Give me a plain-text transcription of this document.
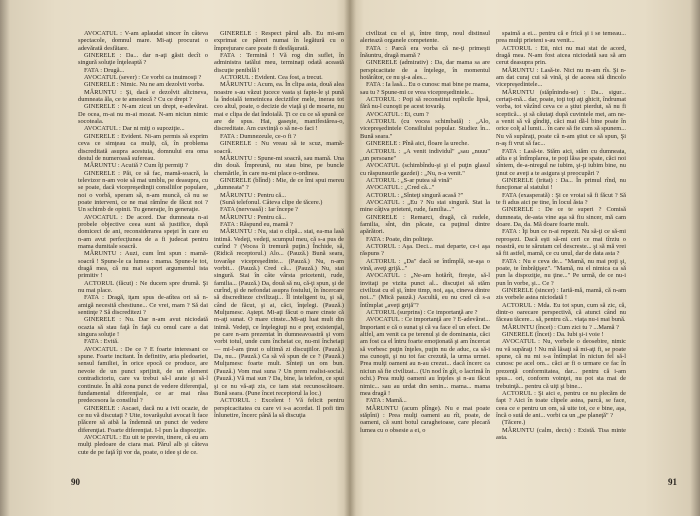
AVOCATUL : V-am aplaudat sincer în câteva spectacole, domnul mare. Mi-aţi procurat o adevărată desfătare.

GINERELE : Da... dar n-aţi găsit decît o singură soluţie înţeleaptă ?

FATA : Drugă...

AVOCATUL (sever) : Ce vorbi ca inuimosţi ?

GINERELE : Nimic. Nu ne am dezolvit vorba.

MĂRUNTU : Şi, dacă e dezolvit altcineva, dumneata ăla, ce te amestecă ? Cu ce drept ?

GINERELE : N-am zicut un drept, e-adevărat. De ocea, m-ai nu m-ai mozat. N-am niciun nimic socoteala.

AVOCATUL : Dar ni miţi o supoziţie...

GINERELE : Evident. Ni-am permis să exprim ceva ce simţeau ca mulţi, că, în problema discreditată asupra acestuia, domnului era oma destul de numeroasă sufereau.

MĂRUNTU : Acuiiă ? Cum îţi permiţi ?

GINERELE : Păi, ce să fac, mamă-soacră, la televizor n-am voie să mai umblu, pe deasupra, cu se poate, dacă vicepreşedinţii consiliilor populare, noi o vorbă, speram să, n-am muncă, că nu se poate interveni, ce ne mai rămîne de făcut noi ? Un schimb de opinii. Tu generaţie, în generaţie.

AVOCATUL : De acord. Dar dumneata n-ai probele objective ceea sunt să justifice, după domiceci de ani, reconsiderarea speţei în care eu n-am avut perfecţiunea de a fi judecat pentru mama dumitale soacră.

MĂRUNTU : Auzi, cum îmi spun : mamă-soacră ! Spune-le ca lumea : mama. Spune-le tot, dragă mea, că nu mai suport argumentul ista primitiv !

ACTORUL (făcut) : Ne ducem spre drumă. Şi nu mai place.

FATA : Dragă, iţam spus de-atîtea ori să n-amigă necesită chestiune... Ce vrei, mam ? Să dai sentinţe ? Să discreditezi ?

GINERELE : Nu. Dar n-am avut niciodată ocazia să stau faţă în faţă cu omul care a dat singura soluţie !

FATA : Evită.

AVOCATUL : De ce ? E foarte interesant ce spune. Foarte incitant. În definitiv, aria pledoariei, sensul familiei, în orice epocă ce produce, are nevoie de un punct sprijinit, de un element contradictoriu, care va trebui să-l arate şi să-l continuie. În altă zona punct de vedere diferenţial, fundamental diferenţiale, ce ar mai răsa predecesora la consiliul ?

GINERELE : Ascaei, dacă nu a ivit ocazie, de ce nu vă discutaţi ? Uite, tovarăşului avocat îi face plăcere să aibă la îndemnă un punct de vedere diferenţiat. Foarte diferenţiat. I-l pun la dispoziţie.

AVOCATUL : Eu uit te previn, tinere, că eu am mulţi pledoare de ciara mai. Părul alb şi câteva cute de pe faţă îţi vor da, poate, o idee şi de ce.

GINERELE : Respect părul alb. Eu mi-am exprimat ce păreri numai în legătură cu o împrejurare care poate fi desfăşurată.

FATA : Termină ! Vă rog din suflet, în administra tatălui meu, terminaţi odată această discuţie penibilă !

ACTORUL : Evident. Cea fost, a trecut.

MĂRUNTU : Acum, ea. În clipa asta, două alea noastre s-au văzut jucece vasta și fapte-le şi pună la îndoială temeinicea deciziilor mele, inerau tot ceo altul, poate, o decizie de viaţă şi de moarte, nu mai e clipa de dat îndoială. Ți ce cu ce să spună ce are de spus. Hai, gaseşte, manifestărea-o, discreditate. Am cuviinţă o să ne-o faci !

FATA : Dumnezeule, ce-o fi ?

GINERELE : Nu vreau să te scuz, mamă-soacră.

MĂRUNTU : Spune-mi soacră, sau mamă. Una din două. Împreună, nu stau bine, pe buncle chemările, în care nu-mi place o-ordinea.

GINERELE (blînd) : Mie, de ce îmi spui mereu „dumneata" ?

MĂRUNTU : Pentru că...

(Sună telefonul. Câteva clipe de tăcere.)

FATA (nervoasă) : Iar începe ?

MĂRUNTU : Pentru că...

FATA : Răspund eu, mamă ?

MĂRUNTU : Nu, stai o clipă... stai, ea-ma lasă intimă. Vedeţi, vedeţi, scumpul meu, că s-a pus de curînd ? (Vocea îi tremură puţin.) Închide, să, (Ridică receptorul.) Alo... (Pauză.) Bună seara, tovarăşe vicepreşedinte... (Pauză.) Nu, n-am vorbit... (Pauză.) Cred că... (Pauză.) Nu, stai singură. Stai în câte vârsta pricetenii, rude, familia... (Pauză.) Da, două să nu, că-ţi spun, şi de curînd, şi de nefondat asupra fostului, în încercare să discrediteze civilizaţi... Îl inteligent tu, şi să, când de făcut, şi ai, căci, înţelegi. (Pauză.) Mulţumesc. Aştept. Mi-aţi făcut o mare cinste că m-aţi sunat. O mare cinste...Mi-aţi luat mult din inimă. Vedeţi, ce înţelegiuţi nu e preţ existenţial, pe care n-am prezentat în dumneavoastră şi vom vorbi totul, unde cum încheiat ce, nu-mi încheiaţi — mi-l-am ţinut o ultimă zi discuţiilor. (Pauză.) Da, nu... (Pauză.) Ca să vă spun de ce ? (Pauză.) Mulţumesc foarte mult. Sînteţi un om bun. (Pauză.) Vom mai suna ? Un prem realist-social. (Pauză.) Vă mai sun ? Da, bine, la telefon, ce spui şi ce nu vă-aţi zis, ce iam stat recunoscătoare. Bună seara. (Pune încet receptorul la loc.)

ACTORUL : Excelent ! Vă felicit pentru perspicacitatea cu care vi s-a acordat. Il pofi tim înlunetire, încerc până la să discuţia

90

civilizat cu el şi, între timp, noul distinsul alertează organele competente.

FATA : Parcă era vorba că ne-ţi primeşti înăuntru, dragă mamă ?

GINERELE (admirativ) : Da, dar mama sa are perspicacitate de a înţelege, în momentul hotărâtor, ce nu şi-a ales...

FATA : Ia lasă... Eu o cunosc mai bine pe mama, sau tu ? Spune-mi ce vrea vicepreşedintele...

ACTORUL : Poţi să reconstitui replicile lipsă, fără nu-l cunoşti pe acest tovarăş.

AVOCATUL : Ei, cum ?

ACTORUL (cu vocea schimbată) : „Alo, vicepreşedintele Consiliului popular. Studiez în... Bună seara."

GINERELE : Pînă aici, floare la ureche.

ACTORUL : „A venit individul" „sau „nuuu" „un persoane"

AVOCATUL (schimbîndu-şi şi el puţin glasul cu răspunsurile gazdei) : „Nu, n-a venit."

ACTORUL : „S-ar putea să vină"

AVOCATUL : „Cred că..."

ACTORUL : „Sînteţi singură acasă ?"

AVOCATUL : „Eu ? Nu stai singură. Stat la mine câţiva prieteni, rude, familia..."

GINERELE : Remarci, dragă, că rudele, familia, sînt, din păcate, ca puţinul dintre apărători.

FATA : Poate, din politeţe.

ACTORUL : Aşa. Deci... mai departe, ce-i aşa răspuns ?

ACTORUL : „Da" dacă se întîmplă, se-aşa o vină, aveţi grijă..."

AVOCATUL : „Ne-am hotărît, fireşte, să-l invitaţi pe vizita punct al... discuţiei să stăm civilizat cu el şi, între timp, noi, aşa, cineva dintre noi..." (Mică pauză.) Ascultă, eu nu cred că s-a întîmplat „aveţi grijă"?

ACTORUL (surprins) : Ce importanţă are ?

AVOCATUL : Ce importanţă are ? E-adevărat... Important e că o sunat şi că va face el un efect. De altfel, am venit ca pe terenul şi de dominanta, căci am fost ca el întru foarte emoţionată şi am încercat să vorbesc puţin înţeles, puţin nu de aduc, ca să-i ma cunoşti, şi nu tot fac crezută, la urma urmei. Prea mulţi oameni au n-au crezut... dacă încerc ca niciun să fie civilizat... (Un nod în gît, o lacrimă în ochi.) Prea mulţi oameni au înţeles şi n-au făcut nimic... sau au urdat din senin... mama... mama mea dragă !

FATA : Mamă...

MĂRUNTU (acum plînge). Nu e mai poate stăpîni) : Prea mulţi oameni au rît, poate, de oameni, că sunt botul caragheioase, care plecară lumea cu o obsesie a ei, o

spaimă a ei... pentru că e frică şi i se temeau... prea mulţi prieteni s-au venit...

ACTORUL : Eii, nici nu mai stat de acord, dragă mea. N-am fost aicea niciodată sau să am cerut deasupra prin.

MĂRUNTU : Lasă-te. Nici nu m-am rîs. Şi n-am dat curaj cui să vină, şi de aceea stă dincolo vicepreşedintele...

MĂRUNTU (stăpînindu-se) : Da... sigur... certaţi-mă... dar, poate, toţi toţi aţi ghicit, îndrumat vorba, tot văzînd ceva ce a ştiut pierdut, să nu fi sceptică... şi să căutaţi după cuvintele mei, am ne-a venit să vă gîndiţi, căci mai dă-l bine poate în orice colţ al lumii... în care să fie cum să spunem... Nu vă supăraţi, poate că n-am ştiut ce să spun, Şi n-aş fi vrut să fac...

FATA : Lasă-te. Stăm aici, stăm cu dumneata, atîta e şi întîmplarea, te poţi lăsa pe spate, căci noi sîntem, de-a-ntregul ne iubim, şi-ţi iubim bine, nu ţinut ce aveţi a te asigura şi preocupări ?

GINERELE (iritat) : Da... În primul rînd, nu funcţionar al statului !

FATA (exasperată) : Şi ce vroiai să fi făcut ? Să te fi adus aici pe tine, în locul ăsta ?

GINERELE : De ce te superi ? Comisă dumneata, de-asta vine aşa să fiu sincer, mă cam doare. Da, da. Mă doare foarte mult.

FATA : Îţi bun ce n-ai repezit. Nu să-ţi ce să-mi reproşezi. Dacă eşti să-mi ceri ce mai tîrziu o noastră, eu te sărutam cel descreste... şi să mă vrei să fii astfel, mamă, ce cu unul, dar de data asta ?

FATA : Nu e ceva de... "Mamă, nu mai poţi şi, poate, te îmbrăţişez". "Mamă, nu el nimica ca să pun la dispoziţie, nu ţine..." Pe urmă, de ce nu-i pun în vorbe, şi... Ce ?

GINERELE (sincer) : Iartă-mă, mamă, că n-am zis vorbele astea niciodată !

ACTORUL : Mda. Eu tot spun, cum să zic, că, dintr-o oarecare perspectivă, că atunci când nu făceau tăcere... să, pentru că... viaţa nu-i mai bună.

MĂRUNTU (încet) : Cum zici tu ? ...Mamă ?

GINERELE (încet) : Da. Iubi şi-i voie !

AVOCATUL : Nu, vorbele o deosebire, nimic nu vă supăraţi ! Nu mă lăsaţi să mi-aţi fi, se poate spune, că nu mi s-a întîmplat în niciun fel să-l cunosc pe acel om... căci ar fi o urmare ce fac în prezenţă conformitatea, dar... pentru că i-am spus... ori, conform voinţei, nu pot sta mai de trebuinţă... pentru că uiţi şi bine...

ACTORUL : Şi aici e, pentru ce nu plecăm de fapt ? Aici în toate clipele astea, parcă, se face, ceea ce e pentru un om, să uite tot, ce e bine, aşa, încă o sută de ani... vorbi ca un „pe planeţă" ?

(Tăcere.)

MĂRUNTU (calm, decis) : Există. Tisa minte asta.

91
